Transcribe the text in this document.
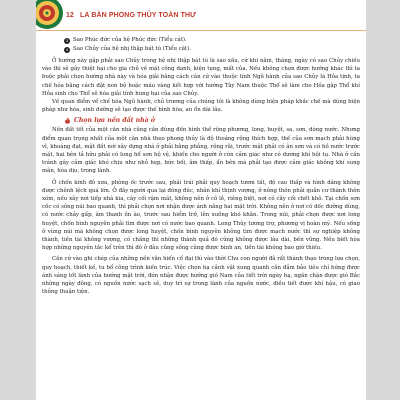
12 LA BÀN PHONG THỦY TOÀN THƯ
3 Sao Phúc đức của hệ Phúc đức (Tiểu cát).
4 Sao Chủy của hệ nhị thập bát tú (Tiểu cát).

Ở hướng này gặp phải sao Chủy trong hệ nhị thập bát tú là sao xấu, cứ khi năm, tháng, ngày có sao Chủy chiếu vào thì sẽ gây thiệt hại cho gia chủ về mặt công danh, kiện tụng, mất của. Nếu không chọn được hướng khác thì ta buộc phải chọn hướng nhà này và hóa giải bằng cách cân cứ vào thuộc tính Ngũ hành của sao Chủy là Hỏa tinh, ta chế hóa bằng cách đặt non bộ hoặc máu vàng kết hợp với hướng Tây Nam thuộc Thổ sẽ làm cho Hỏa gặp Thổ khí Hỏa sinh cho Thổ sẽ hóa giải tính hung hại của sao Chủy.

Về quan điểm về chế hóa Ngũ hành, chủ trương của chúng tôi là không dùng biện pháp khắc chế mà dùng biện pháp như hóa, sinh dưỡng sẽ tạo được thế bình hòa, an ổn dài lâu.

Chọn lựa nền đất nhà ở

Nền đất tốt của một căn nhà cũng cần đúng đến hình thế rộng phương, long, huyệt, sa, sơn, dòng nước. Nhưng điểm quan trọng nhất của một căn nhà theo phong thủy là độ thoáng rộng thích hợp, thế của sơn mạch phải hùng vĩ, khoáng đạt, mặt đất nơi xây dựng nhà ở phải bằng phẳng, rộng rãi, trước mặt phải có ân sơn và có hồ nước trước mặt, hai bên tả hữu phải có long hổ sơn hộ vệ, khiến cho người ở còn cảm giác như có dương khí hội tụ. Nhà ở cần tránh gây cảm giác khó chịu như nhỏ hẹp, bức bối, âm thấp, ẩn bên mà phải tạo được cảm giác không khí sung mãn, hòa dịu, trong lành.

Ở chốn kinh đô xưa, phòng ốc trước sau, phải trái phải quy hoạch tươm tất, độ cao thấp và hình dáng không được chênh lệch quá lớn. Ở đây người qua lại đông đúc, nhân khí thịnh vượng, ở nông thôn phải quản cư thành thôn xóm, nếu xây nơi tiếp nhà kia, cây cối rậm mát, không nên ở cô lẻ, riêng biệt, nơi có cây cối chết khô. Tại chốn sơn cốc có sông núi bao quanh, thì phải chọn nơi nhận được ánh nắng hai mặt trời. Không nên ở nơi có dốc đường dùng, có nước chảy gấp, âm thanh ồn ào, trước sau hiểm trở, lên xuống khó khăn. Trong núi, phải chọn được nơi long huyệt, chốn bình nguyên phải tìm được nơi có nước bao quanh. Long Thủy tương trợ, phương vị hoàn mỹ. Nếu sống ở vùng núi mà không chọn được long huyệt, chốn bình nguyên không tìm được mạch nước thì sự nghiệp không thành, tiền tài không vượng, có chăng thì những thành quả đó cũng không được lâu dài, bền vững. Nếu biết hòa hợp những nguyên tắc kể trên thì đó ở đâu cũng sống cũng được bình an, tiền tài không bao giờ thiếu.

Căn cứ vào ghi chép của những nền văn hiến cổ đại thì vào thời Chu con người đã rất thành thạo trong lựa chọn, quy hoạch, thiết kế, tu bổ công trình kiến trúc. Việc chọn hạ cảnh vật xung quanh căn đảm bảo tiêu chí hứng được ánh sáng tốt lành của hướng mặt trời, đón nhận được hướng gió Nam của tiết trời ngày hạ, ngăn chặn được gió Bắc những ngày đông, có nguồn nước sạch sẽ, duy trì sự trong lành của nguồn nước, điều tiết được khí hậu, có giao thông thuận tiện.
